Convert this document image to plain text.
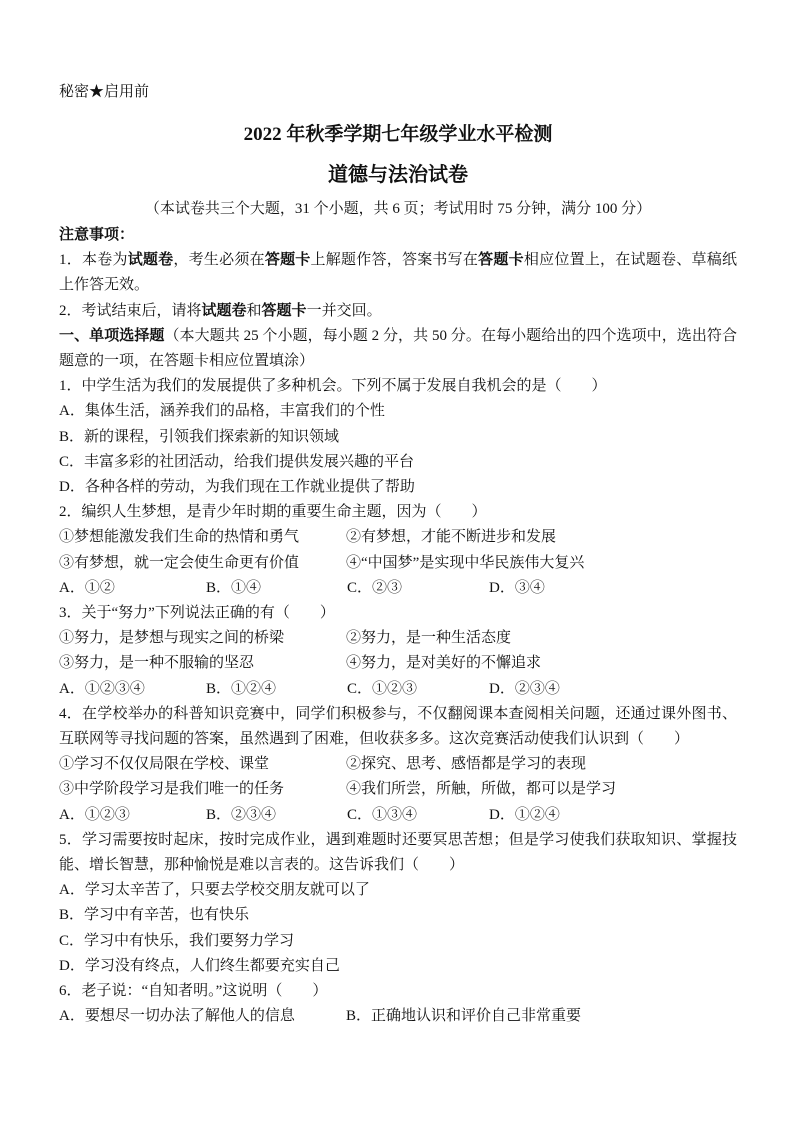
秘密★启用前
2022 年秋季学期七年级学业水平检测
道德与法治试卷

（本试卷共三个大题，31 个小题，共 6 页；考试用时 75 分钟，满分 100 分）

注意事项：

1．本卷为试题卷，考生必须在答题卡上解题作答，答案书写在答题卡相应位置上，在试题卷、草稿纸上作答无效。

2．考试结束后，请将试题卷和答题卡一并交回。

一、单项选择题（本大题共 25 个小题，每小题 2 分，共 50 分。在每小题给出的四个选项中，选出符合题意的一项，在答题卡相应位置填涂）

1．中学生活为我们的发展提供了多种机会。下列不属于发展自我机会的是（　　）

A．集体生活，涵养我们的品格，丰富我们的个性
B．新的课程，引领我们探索新的知识领域
C．丰富多彩的社团活动，给我们提供发展兴趣的平台
D．各种各样的劳动，为我们现在工作就业提供了帮助

2．编织人生梦想，是青少年时期的重要生命主题，因为（　　）

①梦想能激发我们生命的热情和勇气	②有梦想，才能不断进步和发展
③有梦想，就一定会使生命更有价值	④“中国梦”是实现中华民族伟大复兴
A．①②	B．①④	C．②③	D．③④

3．关于“努力”下列说法正确的有（　　）

①努力，是梦想与现实之间的桥梁	②努力，是一种生活态度
③努力，是一种不服输的坚忍	④努力，是对美好的不懈追求
A．①②③④	B．①②④	C．①②③	D．②③④

4．在学校举办的科普知识竞赛中，同学们积极参与，不仅翻阅课本查阅相关问题，还通过课外图书、互联网等寻找问题的答案，虽然遇到了困难，但收获多多。这次竞赛活动使我们认识到（　　）

①学习不仅仅局限在学校、课堂	②探究、思考、感悟都是学习的表现
③中学阶段学习是我们唯一的任务	④我们所尝，所触，所做，都可以是学习
A．①②③	B．②③④	C．①③④	D．①②④

5．学习需要按时起床，按时完成作业，遇到难题时还要冥思苦想；但是学习使我们获取知识、掌握技能、增长智慧，那种愉悦是难以言表的。这告诉我们（　　）

A．学习太辛苦了，只要去学校交朋友就可以了
B．学习中有辛苦，也有快乐
C．学习中有快乐，我们要努力学习
D．学习没有终点，人们终生都要充实自己

6．老子说：“自知者明。”这说明（　　）

A．要想尽一切办法了解他人的信息	B．正确地认识和评价自己非常重要
